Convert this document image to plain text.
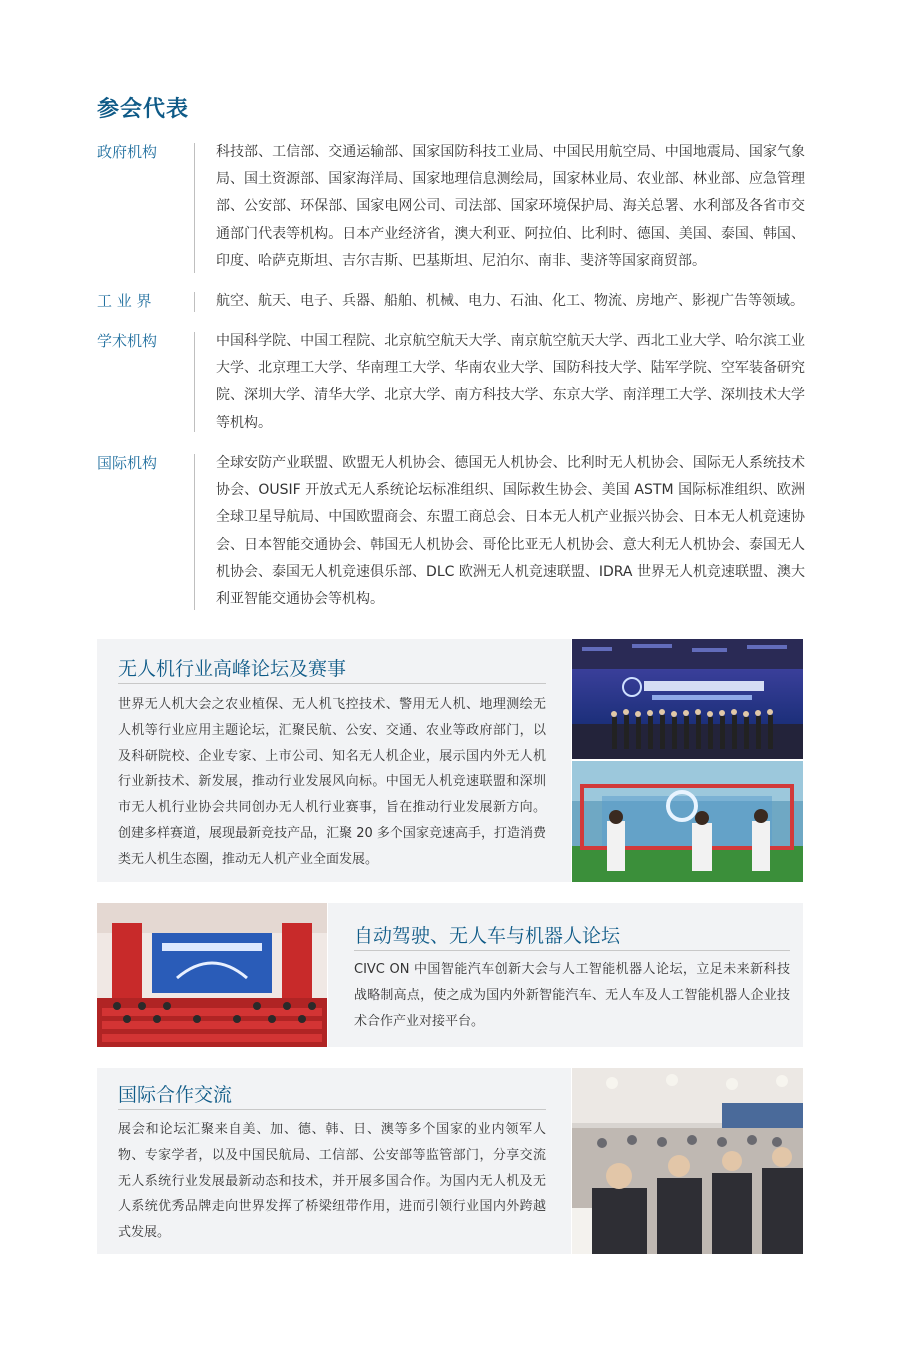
参会代表
政府机构	科技部、工信部、交通运输部、国家国防科技工业局、中国民用航空局、中国地震局、国家气象局、国土资源部、国家海洋局、国家地理信息测绘局，国家林业局、农业部、林业部、应急管理部、公安部、环保部、国家电网公司、司法部、国家环境保护局、海关总署、水利部及各省市交通部门代表等机构。日本产业经济省，澳大利亚、阿拉伯、比利时、德国、美国、泰国、韩国、印度、哈萨克斯坦、吉尔吉斯、巴基斯坦、尼泊尔、南非、斐济等国家商贸部。
工 业 界	航空、航天、电子、兵器、船舶、机械、电力、石油、化工、物流、房地产、影视广告等领域。
学术机构	中国科学院、中国工程院、北京航空航天大学、南京航空航天大学、西北工业大学、哈尔滨工业大学、北京理工大学、华南理工大学、华南农业大学、国防科技大学、陆军学院、空军装备研究院、深圳大学、清华大学、北京大学、南方科技大学、东京大学、南洋理工大学、深圳技术大学等机构。
国际机构	全球安防产业联盟、欧盟无人机协会、德国无人机协会、比利时无人机协会、国际无人系统技术协会、OUSIF 开放式无人系统论坛标准组织、国际救生协会、美国 ASTM 国际标准组织、欧洲全球卫星导航局、中国欧盟商会、东盟工商总会、日本无人机产业振兴协会、日本无人机竞速协会、日本智能交通协会、韩国无人机协会、哥伦比亚无人机协会、意大利无人机协会、泰国无人机协会、泰国无人机竞速俱乐部、DLC 欧洲无人机竞速联盟、IDRA 世界无人机竞速联盟、澳大利亚智能交通协会等机构。
无人机行业高峰论坛及赛事

世界无人机大会之农业植保、无人机飞控技术、警用无人机、地理测绘无人机等行业应用主题论坛，汇聚民航、公安、交通、农业等政府部门，以及科研院校、企业专家、上市公司、知名无人机企业，展示国内外无人机行业新技术、新发展，推动行业发展风向标。中国无人机竞速联盟和深圳市无人机行业协会共同创办无人机行业赛事，旨在推动行业发展新方向。创建多样赛道，展现最新竞技产品，汇聚 20 多个国家竞速高手，打造消费类无人机生态圈，推动无人机产业全面发展。

自动驾驶、无人车与机器人论坛

CIVC ON 中国智能汽车创新大会与人工智能机器人论坛，立足未来新科技战略制高点，使之成为国内外新智能汽车、无人车及人工智能机器人企业技术合作产业对接平台。

国际合作交流

展会和论坛汇聚来自美、加、德、韩、日、澳等多个国家的业内领军人物、专家学者，以及中国民航局、工信部、公安部等监管部门，分享交流无人系统行业发展最新动态和技术，并开展多国合作。为国内无人机及无人系统优秀品牌走向世界发挥了桥梁纽带作用，进而引领行业国内外跨越式发展。
